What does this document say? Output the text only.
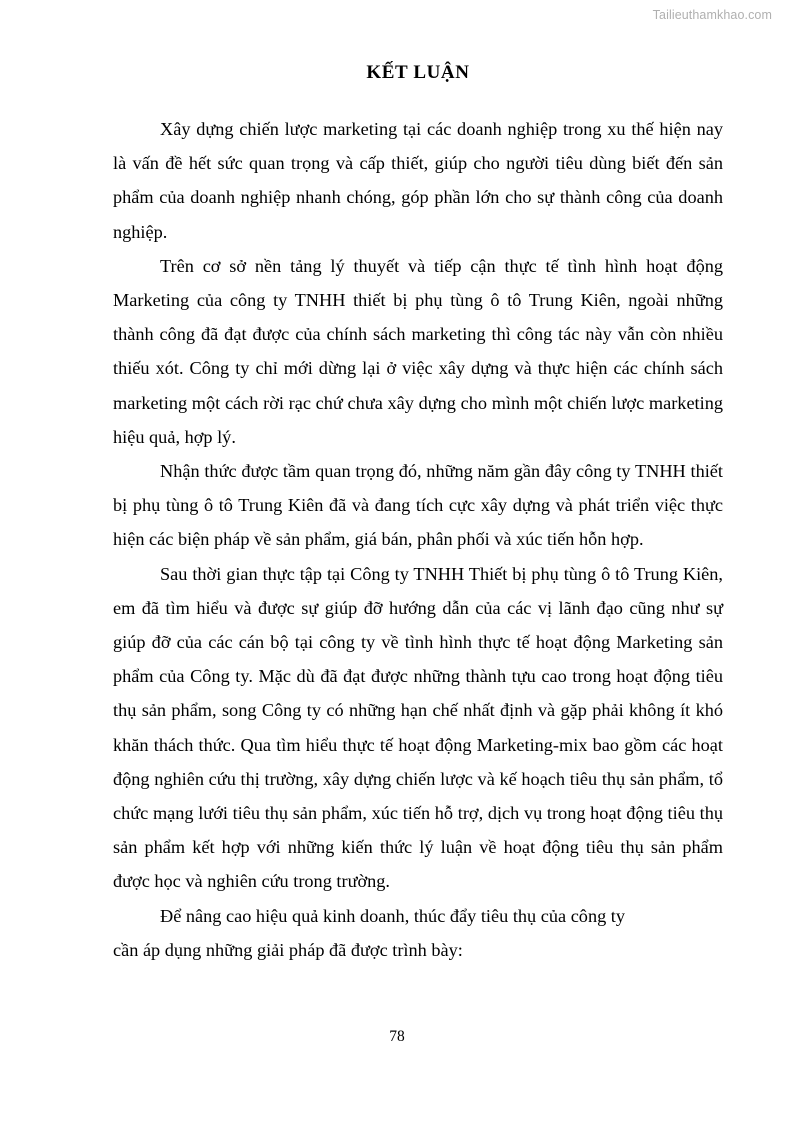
Tailieuthamkhao.com
KẾT LUẬN

Xây dựng chiến lược marketing tại các doanh nghiệp trong xu thế hiện nay là vấn đề hết sức quan trọng và cấp thiết, giúp cho người tiêu dùng biết đến sản phẩm của doanh nghiệp nhanh chóng, góp phần lớn cho sự thành công của doanh nghiệp.

Trên cơ sở nền tảng lý thuyết và tiếp cận thực tế tình hình hoạt động Marketing của công ty TNHH thiết bị phụ tùng ô tô Trung Kiên, ngoài những thành công đã đạt được của chính sách marketing thì công tác này vẫn còn nhiều thiếu xót. Công ty chỉ mới dừng lại ở việc xây dựng và thực hiện các chính sách marketing một cách rời rạc chứ chưa xây dựng cho mình một chiến lược marketing hiệu quả, hợp lý.

Nhận thức được tầm quan trọng đó, những năm gần đây công ty TNHH thiết bị phụ tùng ô tô Trung Kiên đã và đang tích cực xây dựng và phát triển việc thực hiện các biện pháp về sản phẩm, giá bán, phân phối và xúc tiến hỗn hợp.

Sau thời gian thực tập tại Công ty TNHH Thiết bị phụ tùng ô tô Trung Kiên, em đã tìm hiểu và được sự giúp đỡ hướng dẫn của các vị lãnh đạo cũng như sự giúp đỡ của các cán bộ tại công ty về tình hình thực tế hoạt động Marketing sản phẩm của Công ty. Mặc dù đã đạt được những thành tựu cao trong hoạt động tiêu thụ sản phẩm, song Công ty có những hạn chế nhất định và gặp phải không ít khó khăn thách thức. Qua tìm hiểu thực tế hoạt động Marketing-mix bao gồm các hoạt động nghiên cứu thị trường, xây dựng chiến lược và kế hoạch tiêu thụ sản phẩm, tổ chức mạng lưới tiêu thụ sản phẩm, xúc tiến hỗ trợ, dịch vụ trong hoạt động tiêu thụ sản phẩm kết hợp với những kiến thức lý luận về hoạt động tiêu thụ sản phẩm được học và nghiên cứu trong trường.

Để nâng cao hiệu quả kinh doanh, thúc đẩy tiêu thụ của công ty

cần áp dụng những giải pháp đã được trình bày:

78
